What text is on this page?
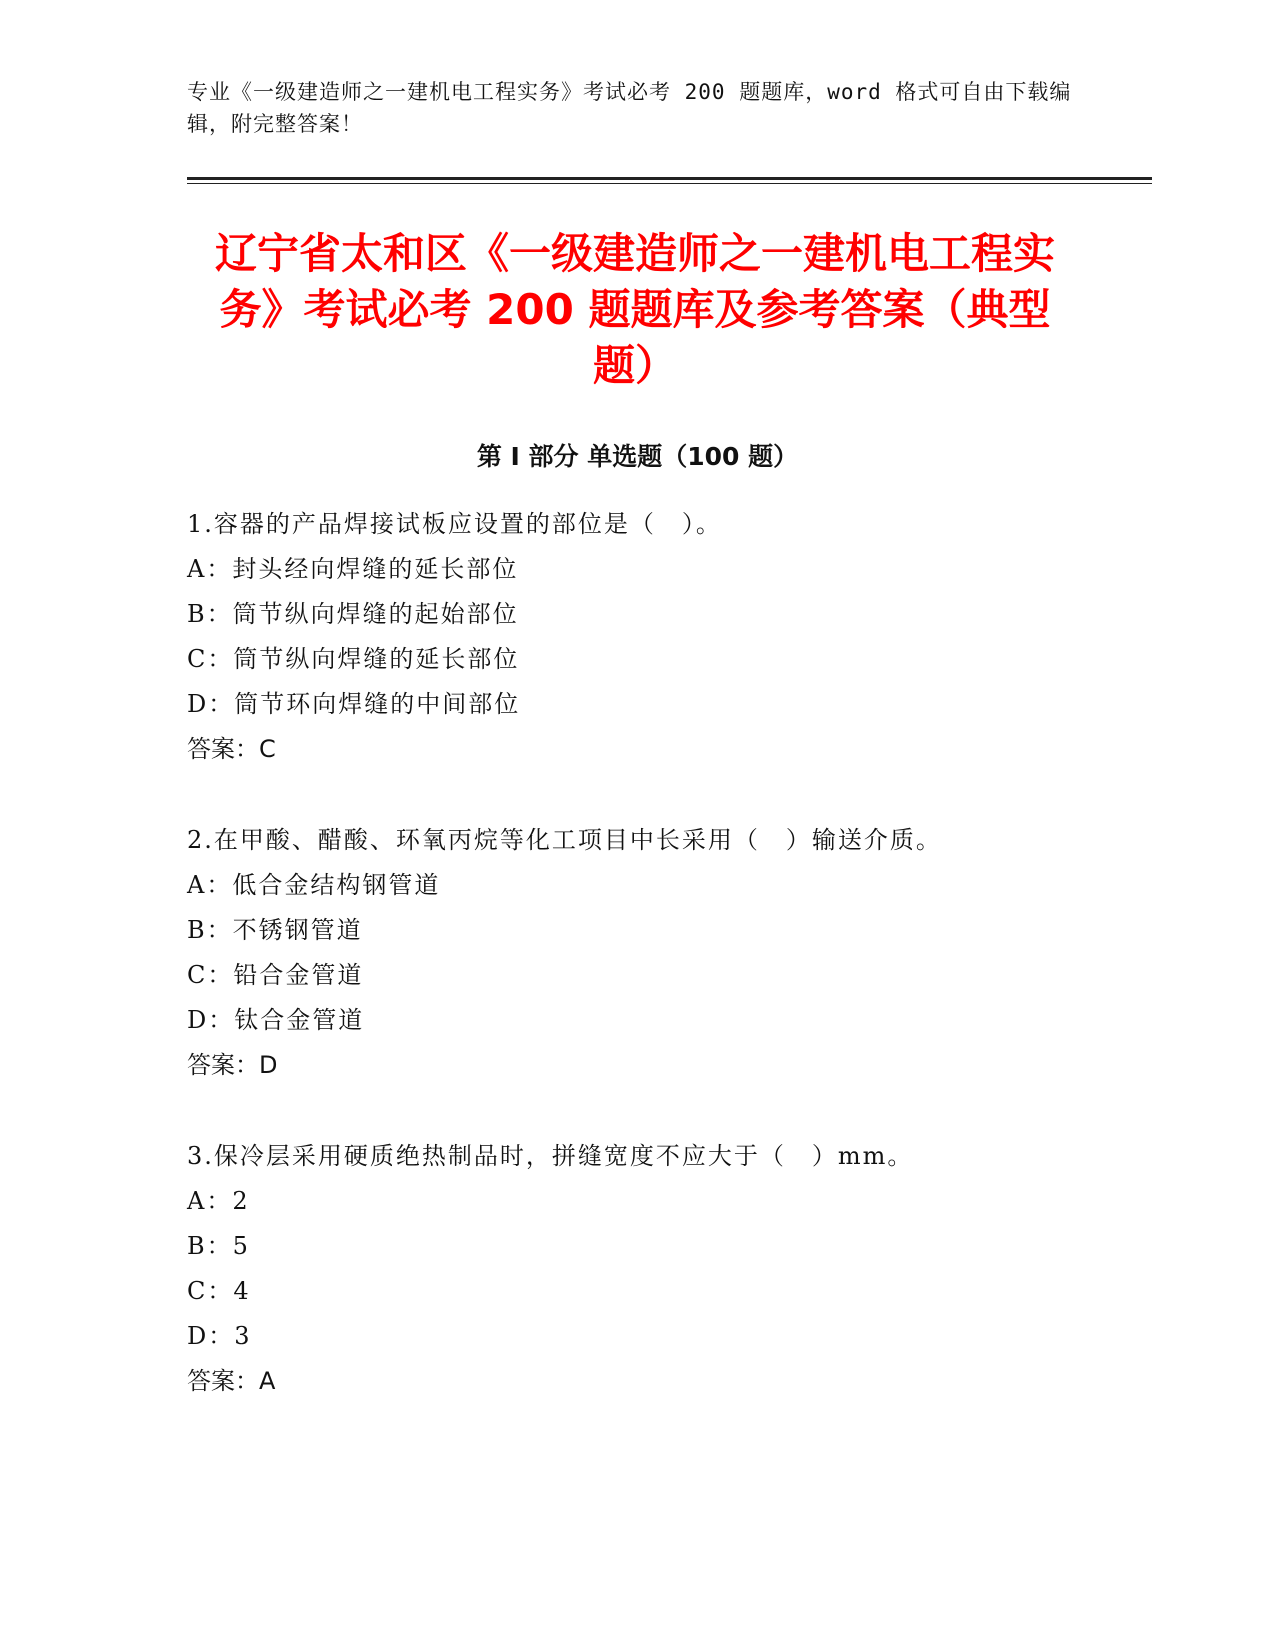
专业《一级建造师之一建机电工程实务》考试必考 200 题题库，word 格式可自由下载编辑，附完整答案！
辽宁省太和区《一级建造师之一建机电工程实务》考试必考 200 题题库及参考答案（典型题）
第 I 部分 单选题（100 题）
1.容器的产品焊接试板应设置的部位是（　）。
A：封头经向焊缝的延长部位
B：筒节纵向焊缝的起始部位
C：筒节纵向焊缝的延长部位
D：筒节环向焊缝的中间部位
答案：C
2.在甲酸、醋酸、环氧丙烷等化工项目中长采用（　）输送介质。
A：低合金结构钢管道
B：不锈钢管道
C：铅合金管道
D：钛合金管道
答案：D
3.保冷层采用硬质绝热制品时，拼缝宽度不应大于（　）mm。
A：2
B：5
C：4
D：3
答案：A
